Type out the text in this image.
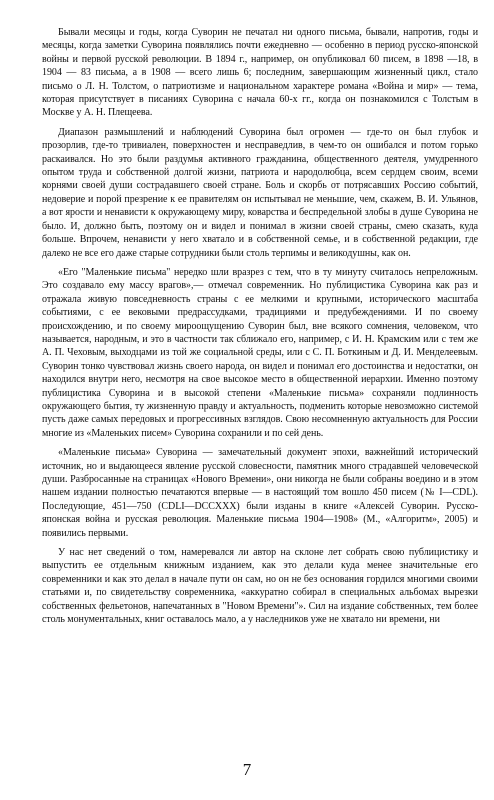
Бывали месяцы и годы, когда Суворин не печатал ни одного письма, бывали, напротив, годы и месяцы, когда заметки Суворина появлялись почти ежедневно — особенно в период русско-японской войны и первой русской революции. В 1894 г., например, он опубликовал 60 писем, в 1898 —18, в 1904 — 83 письма, а в 1908 — всего лишь 6; последним, завершающим жизненный цикл, стало письмо о Л. Н. Толстом, о патриотизме и национальном характере романа «Война и мир» — тема, которая присутствует в писаниях Суворина с начала 60-х гг., когда он познакомился с Толстым в Москве у А. Н. Плещеева.

Диапазон размышлений и наблюдений Суворина был огромен — где-то он был глубок и прозорлив, где-то тривиален, поверхностен и несправедлив, в чем-то он ошибался и потом горько раскаивался. Но это были раздумья активного гражданина, общественного деятеля, умудренного опытом труда и собственной долгой жизни, патриота и народолюбца, всем сердцем своим, всеми корнями своей души сострадавшего своей стране. Боль и скорбь от потрясавших Россию событий, недоверие и порой презрение к ее правителям он испытывал не меньшие, чем, скажем, В. И. Ульянов, а вот ярости и ненависти к окружающему миру, коварства и беспредельной злобы в душе Суворина не было. И, должно быть, поэтому он и видел и понимал в жизни своей страны, смею сказать, куда больше. Впрочем, ненависти у него хватало и в собственной семье, и в собственной редакции, где далеко не все его даже старые сотрудники были столь терпимы и великодушны, как он.

«Его "Маленькие письма" нередко шли вразрез с тем, что в ту минуту считалось непреложным. Это создавало ему массу врагов»,— отмечал современник. Но публицистика Суворина как раз и отражала живую повседневность страны с ее мелкими и крупными, исторического масштаба событиями, с ее вековыми предрассудками, традициями и предубеждениями. И по своему происхождению, и по своему мироощущению Суворин был, вне всякого сомнения, человеком, что называется, народным, и это в частности так сближало его, например, с И. Н. Крамским или с тем же А. П. Чеховым, выходцами из той же социальной среды, или с С. П. Боткиным и Д. И. Менделеевым. Суворин тонко чувствовал жизнь своего народа, он видел и понимал его достоинства и недостатки, он находился внутри него, несмотря на свое высокое место в общественной иерархии. Именно поэтому публицистика Суворина и в высокой степени «Маленькие письма» сохраняли подлинность окружающего бытия, ту жизненную правду и актуальность, подменить которые невозможно системой пусть даже самых передовых и прогрессивных взглядов. Свою несомненную актуальность для России многие из «Маленьких писем» Суворина сохранили и по сей день.

«Маленькие письма» Суворина — замечательный документ эпохи, важнейший исторический источник, но и выдающееся явление русской словесности, памятник много страдавшей человеческой души. Разбросанные на страницах «Нового Времени», они никогда не были собраны воедино и в этом нашем издании полностью печатаются впервые — в настоящий том вошло 450 писем (№ I—CDL). Последующие, 451—750 (CDLI—DCCXXX) были изданы в книге «Алексей Суворин. Русско-японская война и русская революция. Маленькие письма 1904—1908» (М., «Алгоритм», 2005) и появились первыми.

У нас нет сведений о том, намеревался ли автор на склоне лет собрать свою публицистику и выпустить ее отдельным книжным изданием, как это делали куда менее значительные его современники и как это делал в начале пути он сам, но он не без основания гордился многими своими статьями и, по свидетельству современника, «аккуратно собирал в специальных альбомах вырезки собственных фельетонов, напечатанных в "Новом Времени"». Сил на издание собственных, тем более столь монументальных, книг оставалось мало, а у наследников уже не хватало ни времени, ни

7
